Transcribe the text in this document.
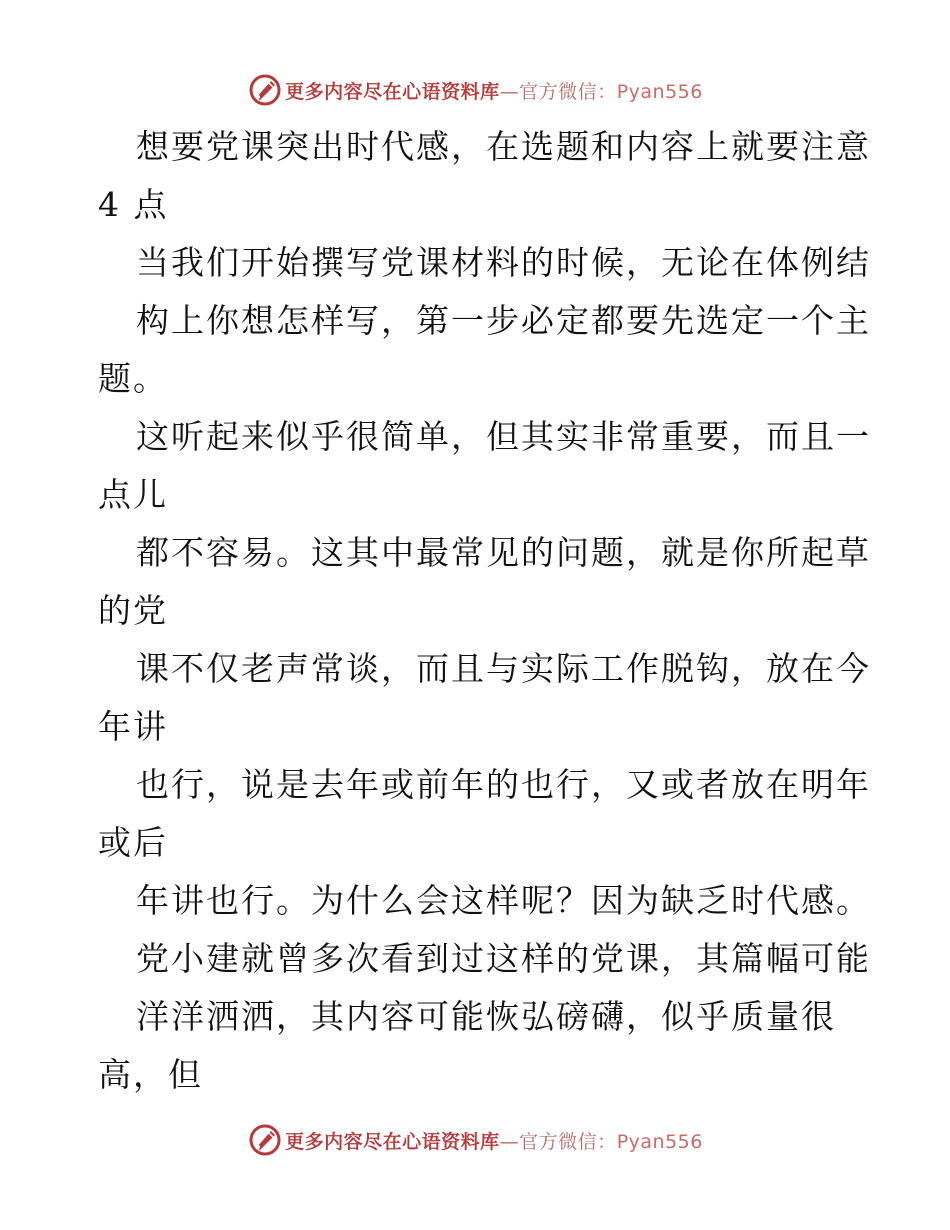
更多内容尽在心语资料库—官方微信：Pyan556
想要党课突出时代感，在选题和内容上就要注意
4 点
当我们开始撰写党课材料的时候，无论在体例结
构上你想怎样写，第一步必定都要先选定一个主
题。
这听起来似乎很简单，但其实非常重要，而且一
点儿
都不容易。这其中最常见的问题，就是你所起草
的党
课不仅老声常谈，而且与实际工作脱钩，放在今
年讲
也行，说是去年或前年的也行，又或者放在明年
或后
年讲也行。为什么会这样呢？因为缺乏时代感。
党小建就曾多次看到过这样的党课，其篇幅可能
洋洋洒洒，其内容可能恢弘磅礴，似乎质量很
高，但
更多内容尽在心语资料库—官方微信：Pyan556
